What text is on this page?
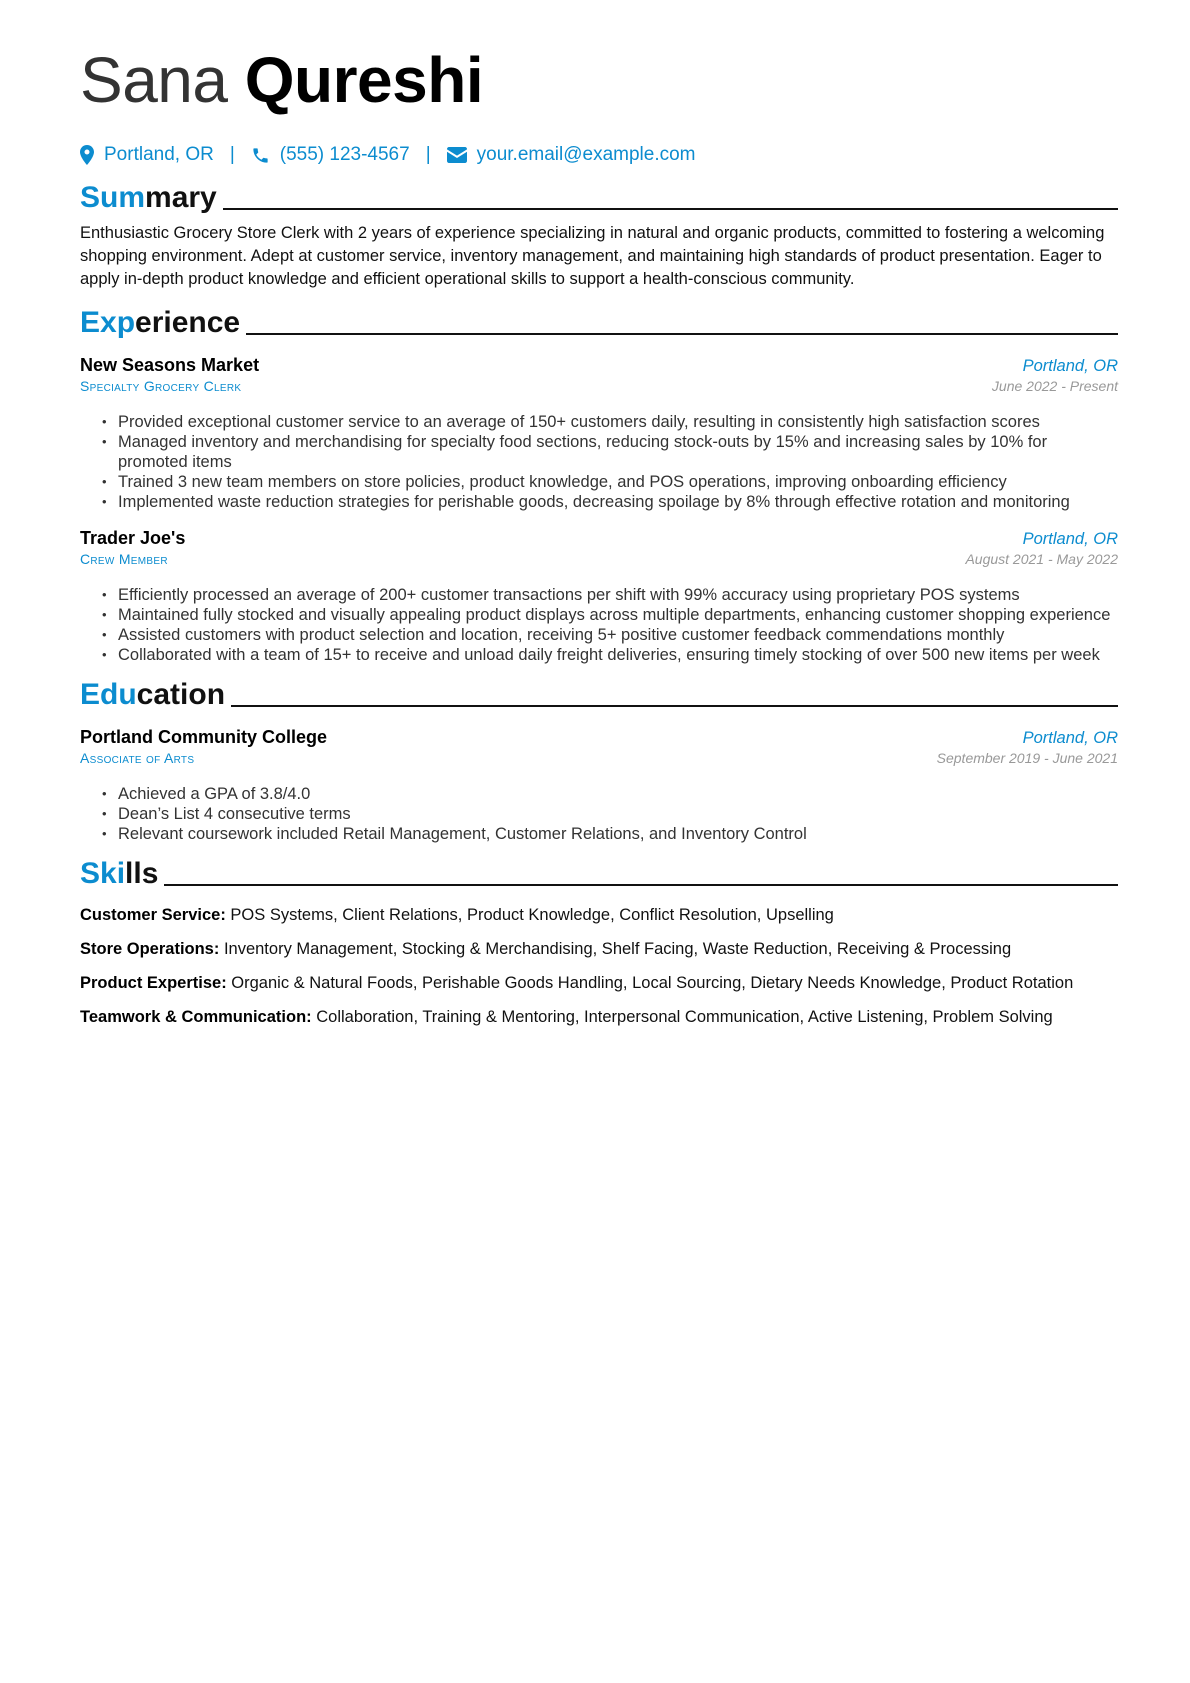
Sana Qureshi
Portland, OR | (555) 123-4567 | your.email@example.com
Summary

Enthusiastic Grocery Store Clerk with 2 years of experience specializing in natural and organic products, committed to fostering a welcoming shopping environment. Adept at customer service, inventory management, and maintaining high standards of product presentation. Eager to apply in-depth product knowledge and efficient operational skills to support a health-conscious community.

Experience
New Seasons Market	Portland, OR
Specialty Grocery Clerk	June 2022 - Present
• Provided exceptional customer service to an average of 150+ customers daily, resulting in consistently high satisfaction scores
• Managed inventory and merchandising for specialty food sections, reducing stock-outs by 15% and increasing sales by 10% for promoted items
• Trained 3 new team members on store policies, product knowledge, and POS operations, improving onboarding efficiency
• Implemented waste reduction strategies for perishable goods, decreasing spoilage by 8% through effective rotation and monitoring
Trader Joe's	Portland, OR
Crew Member	August 2021 - May 2022
• Efficiently processed an average of 200+ customer transactions per shift with 99% accuracy using proprietary POS systems
• Maintained fully stocked and visually appealing product displays across multiple departments, enhancing customer shopping experience
• Assisted customers with product selection and location, receiving 5+ positive customer feedback commendations monthly
• Collaborated with a team of 15+ to receive and unload daily freight deliveries, ensuring timely stocking of over 500 new items per week
Education
Portland Community College	Portland, OR
Associate of Arts	September 2019 - June 2021
• Achieved a GPA of 3.8/4.0
• Dean’s List 4 consecutive terms
• Relevant coursework included Retail Management, Customer Relations, and Inventory Control
Skills

Customer Service: POS Systems, Client Relations, Product Knowledge, Conflict Resolution, Upselling

Store Operations: Inventory Management, Stocking & Merchandising, Shelf Facing, Waste Reduction, Receiving & Processing

Product Expertise: Organic & Natural Foods, Perishable Goods Handling, Local Sourcing, Dietary Needs Knowledge, Product Rotation

Teamwork & Communication: Collaboration, Training & Mentoring, Interpersonal Communication, Active Listening, Problem Solving
